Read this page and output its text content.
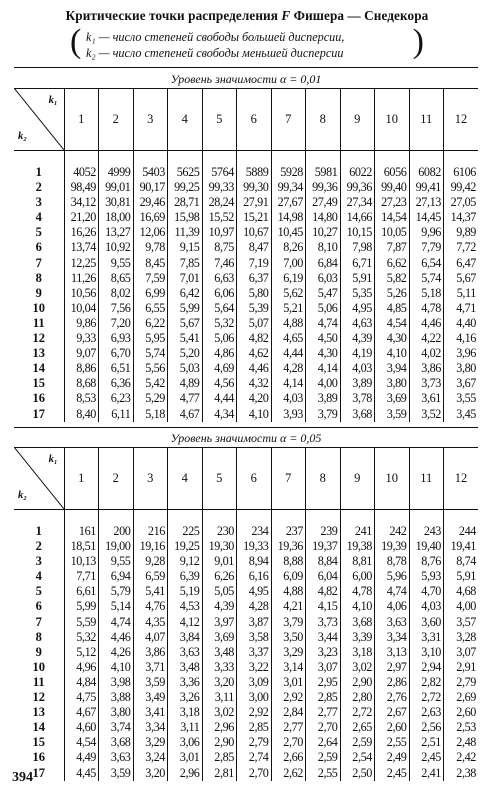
Критические точки распределения F Фишера — Снедекора
( k₁ — число степеней свободы большей дисперсии,
k₂ — число степеней свободы меньшей дисперсии )
Уровень значимости α = 0,01
k₁
k₂	1	2	3	4	5	6	7	8	9	10	11	12

1	4052	4999	5403	5625	5764	5889	5928	5981	6022	6056	6082	6106
2	98,49	99,01	90,17	99,25	99,33	99,30	99,34	99,36	99,36	99,40	99,41	99,42
3	34,12	30,81	29,46	28,71	28,24	27,91	27,67	27,49	27,34	27,23	27,13	27,05
4	21,20	18,00	16,69	15,98	15,52	15,21	14,98	14,80	14,66	14,54	14,45	14,37
5	16,26	13,27	12,06	11,39	10,97	10,67	10,45	10,27	10,15	10,05	9,96	9,89
6	13,74	10,92	9,78	9,15	8,75	8,47	8,26	8,10	7,98	7,87	7,79	7,72
7	12,25	9,55	8,45	7,85	7,46	7,19	7,00	6,84	6,71	6,62	6,54	6,47
8	11,26	8,65	7,59	7,01	6,63	6,37	6,19	6,03	5,91	5,82	5,74	5,67
9	10,56	8,02	6,99	6,42	6,06	5,80	5,62	5,47	5,35	5,26	5,18	5,11
10	10,04	7,56	6,55	5,99	5,64	5,39	5,21	5,06	4,95	4,85	4,78	4,71
11	9,86	7,20	6,22	5,67	5,32	5,07	4,88	4,74	4,63	4,54	4,46	4,40
12	9,33	6,93	5,95	5,41	5,06	4,82	4,65	4,50	4,39	4,30	4,22	4,16
13	9,07	6,70	5,74	5,20	4,86	4,62	4,44	4,30	4,19	4,10	4,02	3,96
14	8,86	6,51	5,56	5,03	4,69	4,46	4,28	4,14	4,03	3,94	3,86	3,80
15	8,68	6,36	5,42	4,89	4,56	4,32	4,14	4,00	3,89	3,80	3,73	3,67
16	8,53	6,23	5,29	4,77	4,44	4,20	4,03	3,89	3,78	3,69	3,61	3,55
17	8,40	6,11	5,18	4,67	4,34	4,10	3,93	3,79	3,68	3,59	3,52	3,45
Уровень значимости α = 0,05
k₁
k₂	1	2	3	4	5	6	7	8	9	10	11	12

1	161	200	216	225	230	234	237	239	241	242	243	244
2	18,51	19,00	19,16	19,25	19,30	19,33	19,36	19,37	19,38	19,39	19,40	19,41
3	10,13	9,55	9,28	9,12	9,01	8,94	8,88	8,84	8,81	8,78	8,76	8,74
4	7,71	6,94	6,59	6,39	6,26	6,16	6,09	6,04	6,00	5,96	5,93	5,91
5	6,61	5,79	5,41	5,19	5,05	4,95	4,88	4,82	4,78	4,74	4,70	4,68
6	5,99	5,14	4,76	4,53	4,39	4,28	4,21	4,15	4,10	4,06	4,03	4,00
7	5,59	4,74	4,35	4,12	3,97	3,87	3,79	3,73	3,68	3,63	3,60	3,57
8	5,32	4,46	4,07	3,84	3,69	3,58	3,50	3,44	3,39	3,34	3,31	3,28
9	5,12	4,26	3,86	3,63	3,48	3,37	3,29	3,23	3,18	3,13	3,10	3,07
10	4,96	4,10	3,71	3,48	3,33	3,22	3,14	3,07	3,02	2,97	2,94	2,91
11	4,84	3,98	3,59	3,36	3,20	3,09	3,01	2,95	2,90	2,86	2,82	2,79
12	4,75	3,88	3,49	3,26	3,11	3,00	2,92	2,85	2,80	2,76	2,72	2,69
13	4,67	3,80	3,41	3,18	3,02	2,92	2,84	2,77	2,72	2,67	2,63	2,60
14	4,60	3,74	3,34	3,11	2,96	2,85	2,77	2,70	2,65	2,60	2,56	2,53
15	4,54	3,68	3,29	3,06	2,90	2,79	2,70	2,64	2,59	2,55	2,51	2,48
16	4,49	3,63	3,24	3,01	2,85	2,74	2,66	2,59	2,54	2,49	2,45	2,42
17	4,45	3,59	3,20	2,96	2,81	2,70	2,62	2,55	2,50	2,45	2,41	2,38
394
